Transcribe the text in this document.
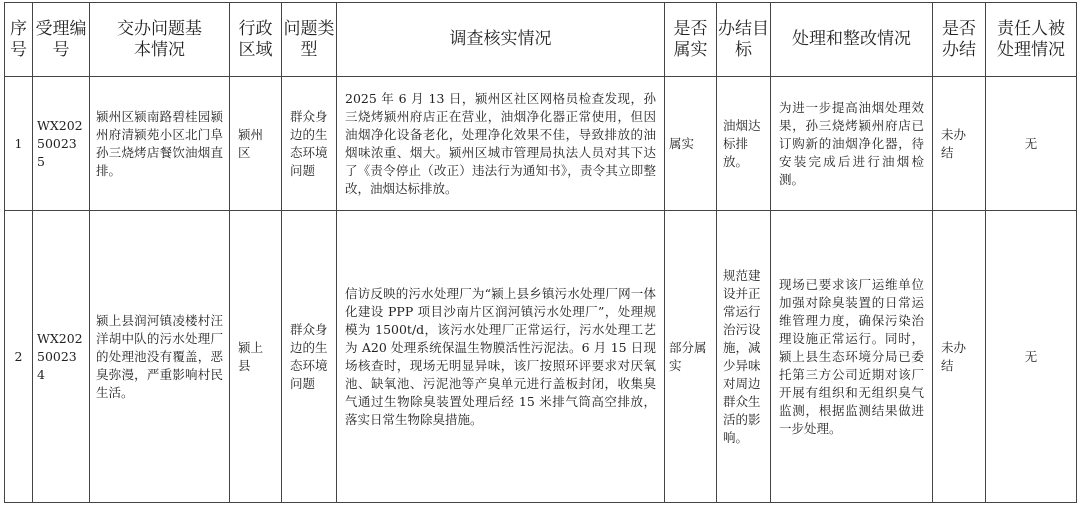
序号	受理编号	交办问题基本情况	行政区域	问题类型	调查核实情况	是否属实	办结目标	处理和整改情况	是否办结	责任人被处理情况
1	WX20250023 5	颍州区颍南路碧桂园颍州府清颍苑小区北门阜孙三烧烤店餐饮油烟直排。	颍州区	群众身边的生态环境问题	2025 年 6 月 13 日，颍州区社区网格员检查发现，孙三烧烤颍州府店正在营业，油烟净化器正常使用，但因油烟净化设备老化，处理净化效果不佳，导致排放的油烟味浓重、烟大。颍州区城市管理局执法人员对其下达了《责令停止（改正）违法行为通知书》，责令其立即整改，油烟达标排放。	属实	油烟达标排放。	为进一步提高油烟处理效果，孙三烧烤颍州府店已订购新的油烟净化器，待安装完成后进行油烟检测。	未办结	无
2	WX20250023 4	颍上县润河镇凌楼村汪洋胡中队的污水处理厂的处理池没有覆盖，恶臭弥漫，严重影响村民生活。	颍上县	群众身边的生态环境问题	信访反映的污水处理厂为“颍上县乡镇污水处理厂网一体化建设 PPP 项目沙南片区润河镇污水处理厂”，处理规模为 1500t/d，该污水处理厂正常运行，污水处理工艺为 A20 处理系统保温生物膜活性污泥法。6 月 15 日现场核查时，现场无明显异味，该厂按照环评要求对厌氧池、缺氧池、污泥池等产臭单元进行盖板封闭，收集臭气通过生物除臭装置处理后经 15 米排气筒高空排放，落实日常生物除臭措施。	部分属实	规范建设并正常运行治污设施，减少异味对周边群众生活的影响。	现场已要求该厂运维单位加强对除臭装置的日常运维管理力度，确保污染治理设施正常运行。同时，颍上县生态环境分局已委托第三方公司近期对该厂开展有组织和无组织臭气监测，根据监测结果做进一步处理。	未办结	无
